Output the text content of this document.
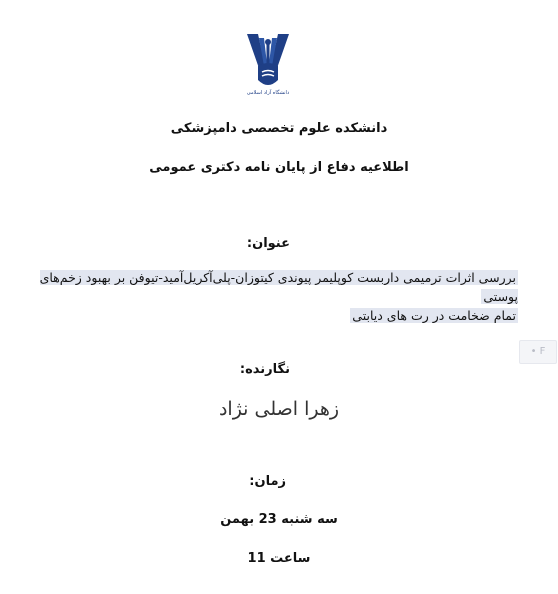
دانشگاه آزاد اسلامی

دانشکده علوم تخصصی دامپزشکی

اطلاعیه دفاع از پایان نامه دکتری عمومی

عنوان:

بررسی اثرات ترمیمی داربست کوپلیمر پیوندی کیتوزان-پلی‌آکریل‌آمید-تیوفن بر بهبود زخم‌های پوستی
تمام ضخامت در رت های دیابتی
• F

نگارنده:

زهرا اصلی نژاد

زمان:

سه شنبه 23 بهمن

ساعت 11
